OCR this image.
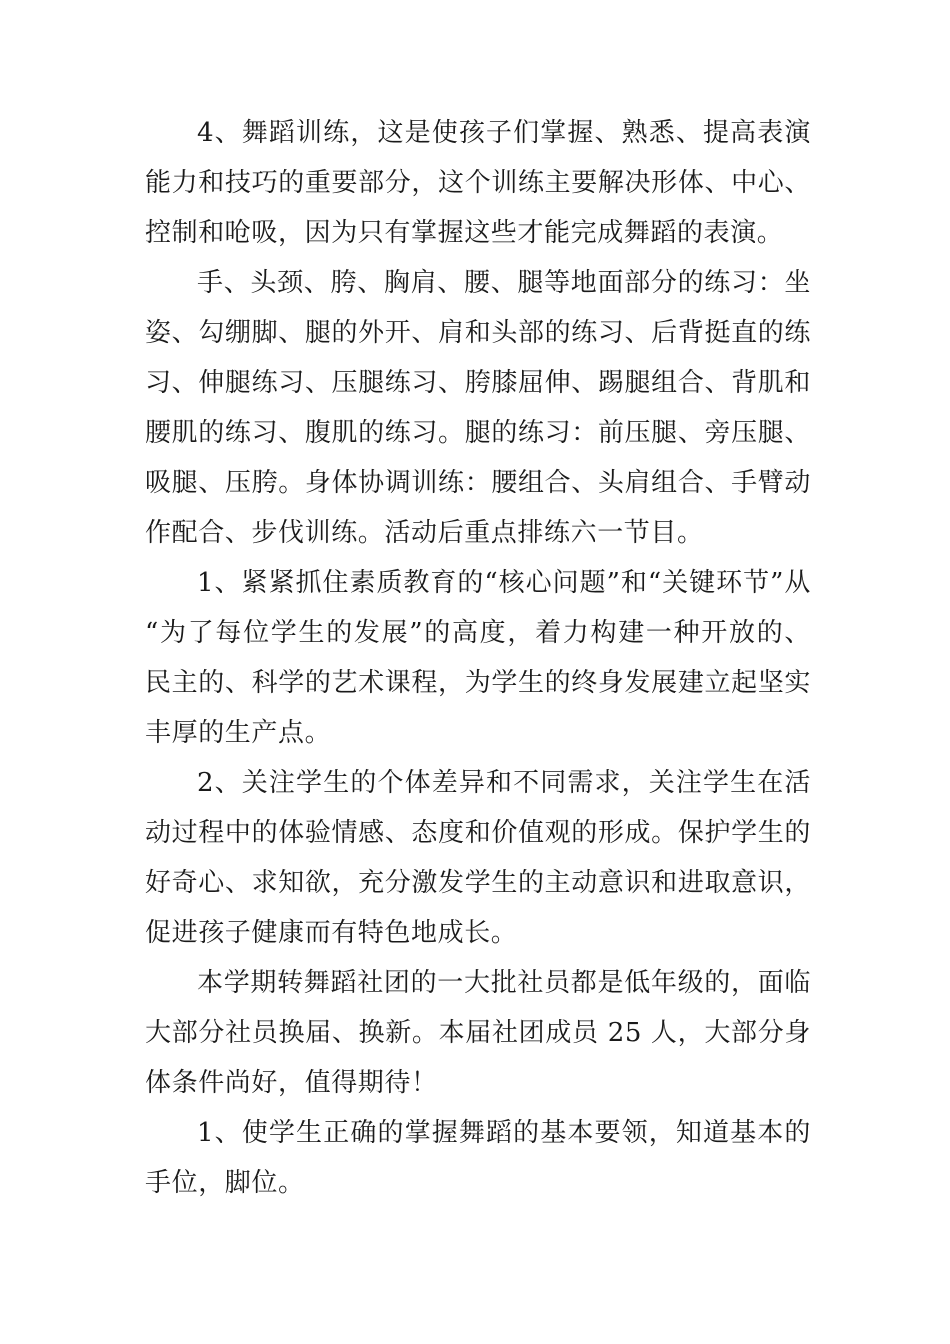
4、舞蹈训练，这是使孩子们掌握、熟悉、提高表演能力和技巧的重要部分，这个训练主要解决形体、中心、控制和呛吸，因为只有掌握这些才能完成舞蹈的表演。

手、头颈、胯、胸肩、腰、腿等地面部分的练习：坐姿、勾绷脚、腿的外开、肩和头部的练习、后背挺直的练习、伸腿练习、压腿练习、胯膝屈伸、踢腿组合、背肌和腰肌的练习、腹肌的练习。腿的练习：前压腿、旁压腿、吸腿、压胯。身体协调训练：腰组合、头肩组合、手臂动作配合、步伐训练。活动后重点排练六一节目。

1、紧紧抓住素质教育的“核心问题”和“关键环节”从 “为了每位学生的发展”的高度，着力构建一种开放的、民主的、科学的艺术课程，为学生的终身发展建立起坚实丰厚的生产点。

2、关注学生的个体差异和不同需求，关注学生在活动过程中的体验情感、态度和价值观的形成。保护学生的好奇心、求知欲，充分激发学生的主动意识和进取意识，促进孩子健康而有特色地成长。

本学期转舞蹈社团的一大批社员都是低年级的，面临大部分社员换届、换新。本届社团成员 25 人，大部分身体条件尚好，值得期待！

1、使学生正确的掌握舞蹈的基本要领，知道基本的手位，脚位。
